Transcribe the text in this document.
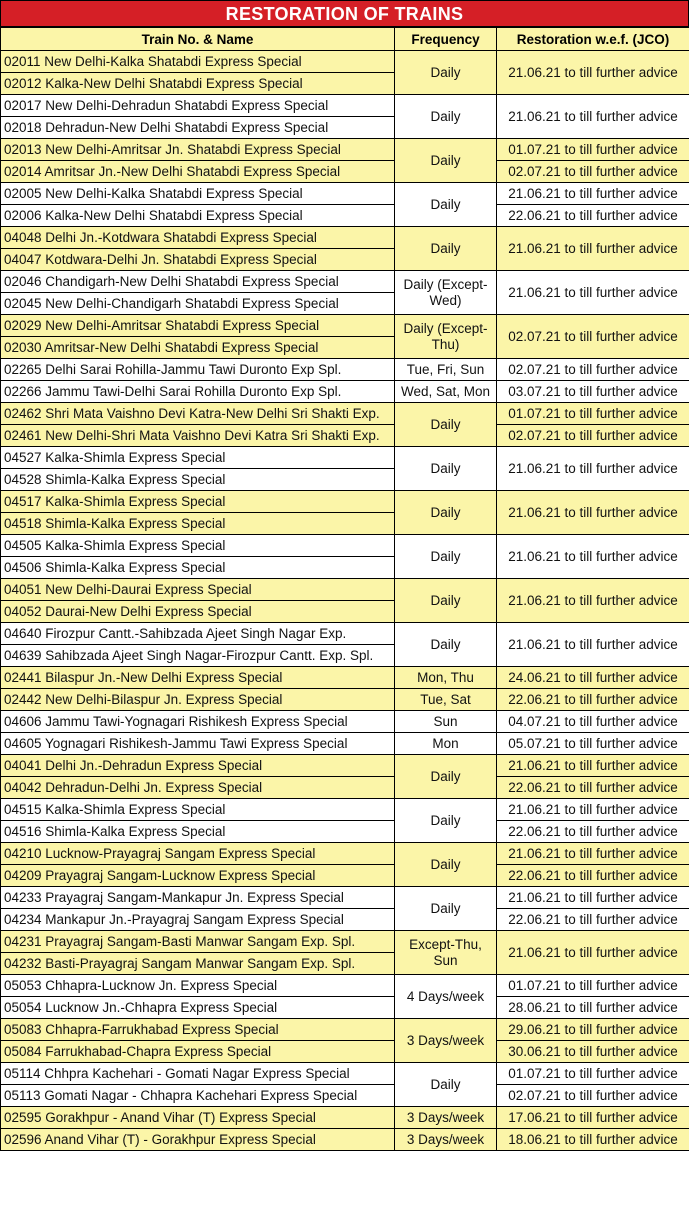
RESTORATION OF TRAINS
Train No. & Name	Frequency	Restoration w.e.f. (JCO)
02011 New Delhi-Kalka Shatabdi Express Special	Daily	21.06.21 to till further advice
02012 Kalka-New Delhi Shatabdi Express Special		
02017 New Delhi-Dehradun Shatabdi Express Special	Daily	21.06.21 to till further advice
02018 Dehradun-New Delhi Shatabdi Express Special		
02013 New Delhi-Amritsar Jn. Shatabdi Express Special	Daily	01.07.21 to till further advice
02014 Amritsar Jn.-New Delhi Shatabdi Express Special		02.07.21 to till further advice
02005 New Delhi-Kalka Shatabdi Express Special	Daily	21.06.21 to till further advice
02006 Kalka-New Delhi Shatabdi Express Special		22.06.21 to till further advice
04048 Delhi Jn.-Kotdwara Shatabdi Express Special	Daily	21.06.21 to till further advice
04047 Kotdwara-Delhi Jn. Shatabdi Express Special		
02046 Chandigarh-New Delhi Shatabdi Express Special	Daily (Except-Wed)	21.06.21 to till further advice
02045 New Delhi-Chandigarh Shatabdi Express Special		
02029 New Delhi-Amritsar Shatabdi Express Special	Daily (Except-Thu)	02.07.21 to till further advice
02030 Amritsar-New Delhi Shatabdi Express Special		
02265 Delhi Sarai Rohilla-Jammu Tawi Duronto Exp Spl.	Tue, Fri, Sun	02.07.21 to till further advice
02266 Jammu Tawi-Delhi Sarai Rohilla Duronto Exp Spl.	Wed, Sat, Mon	03.07.21 to till further advice
02462 Shri Mata Vaishno Devi Katra-New Delhi Sri Shakti Exp.	Daily	01.07.21 to till further advice
02461 New Delhi-Shri Mata Vaishno Devi Katra Sri Shakti Exp.		02.07.21 to till further advice
04527 Kalka-Shimla Express Special	Daily	21.06.21 to till further advice
04528 Shimla-Kalka Express Special		
04517 Kalka-Shimla Express Special	Daily	21.06.21 to till further advice
04518 Shimla-Kalka Express Special		
04505 Kalka-Shimla Express Special	Daily	21.06.21 to till further advice
04506 Shimla-Kalka Express Special		
04051 New Delhi-Daurai Express Special	Daily	21.06.21 to till further advice
04052 Daurai-New Delhi Express Special		
04640 Firozpur Cantt.-Sahibzada Ajeet Singh Nagar Exp.	Daily	21.06.21 to till further advice
04639 Sahibzada Ajeet Singh Nagar-Firozpur Cantt. Exp. Spl.		
02441 Bilaspur Jn.-New Delhi Express Special	Mon, Thu	24.06.21 to till further advice
02442 New Delhi-Bilaspur Jn. Express Special	Tue, Sat	22.06.21 to till further advice
04606 Jammu Tawi-Yognagari Rishikesh Express Special	Sun	04.07.21 to till further advice
04605 Yognagari Rishikesh-Jammu Tawi Express Special	Mon	05.07.21 to till further advice
04041 Delhi Jn.-Dehradun Express Special	Daily	21.06.21 to till further advice
04042 Dehradun-Delhi Jn. Express Special		22.06.21 to till further advice
04515 Kalka-Shimla Express Special	Daily	21.06.21 to till further advice
04516 Shimla-Kalka Express Special		22.06.21 to till further advice
04210 Lucknow-Prayagraj Sangam Express Special	Daily	21.06.21 to till further advice
04209 Prayagraj Sangam-Lucknow Express Special		22.06.21 to till further advice
04233 Prayagraj Sangam-Mankapur Jn. Express Special	Daily	21.06.21 to till further advice
04234 Mankapur Jn.-Prayagraj Sangam Express Special		22.06.21 to till further advice
04231 Prayagraj Sangam-Basti Manwar Sangam Exp. Spl.	Except-Thu, Sun	21.06.21 to till further advice
04232 Basti-Prayagraj Sangam Manwar Sangam Exp. Spl.		
05053 Chhapra-Lucknow Jn. Express Special	4 Days/week	01.07.21 to till further advice
05054 Lucknow Jn.-Chhapra Express Special		28.06.21 to till further advice
05083 Chhapra-Farrukhabad Express Special	3 Days/week	29.06.21 to till further advice
05084 Farrukhabad-Chapra Express Special		30.06.21 to till further advice
05114 Chhpra Kachehari - Gomati Nagar Express Special	Daily	01.07.21 to till further advice
05113 Gomati Nagar - Chhapra Kachehari Express Special		02.07.21 to till further advice
02595 Gorakhpur - Anand Vihar (T) Express Special	3 Days/week	17.06.21 to till further advice
02596 Anand Vihar (T) - Gorakhpur Express Special	3 Days/week	18.06.21 to till further advice
